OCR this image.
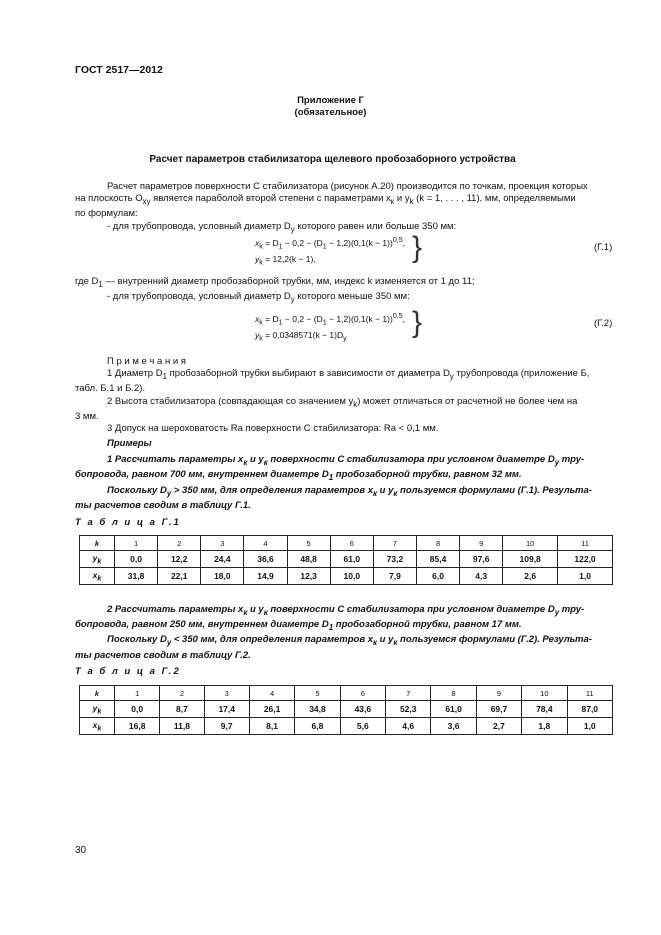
ГОСТ 2517—2012
Приложение Г
(обязательное)
Расчет параметров стабилизатора щелевого пробозаборного устройства

Расчет параметров поверхности С стабилизатора (рисунок А.20) производится по точкам, проекция которых

на плоскость $O_{xy}$ является параболой второй степени с параметрами $x_к$ и $y_k$ (k = 1, . . . , 11), мм, определяемыми

по формулам:

- для трубопровода, условный диаметр $D_y$ которого равен или больше 350 мм:

$x_k = D_1 - 0,2 - (D_1 - 1,2)(0,1(k - 1))^{0,5}$,
$y_k = 12,2(k - 1)$,	}	(Г.1)

где $D_1$ — внутренний диаметр пробозаборной трубки, мм, индекс k изменяется от 1 до 11;

- для трубопровода, условный диаметр $D_y$ которого меньше 350 мм:

$x_k = D_1 - 0,2 - (D_1 - 1,2)(0,1(k - 1))^{0,5}$,
$y_k = 0,0348571(k - 1)D_y$	}	(Г.2)

П р и м е ч а н и я

1 Диаметр $D_1$ пробозаборной трубки выбирают в зависимости от диаметра $D_y$ трубопровода (приложение Б,

табл. Б.1 и Б.2).

2 Высота стабилизатора (совпадающая со значением $y_k$) может отличаться от расчетной не более чем на

3 мм.

3 Допуск на шероховатость Ra поверхности С стабилизатора: Ra < 0,1 мм.

Примеры

1 Рассчитать параметры $x_к$ и $y_к$ поверхности С стабилизатора при условном диаметре $D_y$ тру-

бопровода, равном 700 мм, внутреннем диаметре $D_1$ пробозаборной трубки, равном 32 мм.

Поскольку $D_y > 350$ мм, для определения параметров $x_к$ и $y_к$ пользуемся формулами (Г.1). Результа-

ты расчетов сводим в таблицу Г.1.

Т а б л и ц а Г.1
k	1	2	3	4	5	6	7	8	9	10	11
$y_k$	0,0	12,2	24,4	36,6	48,8	61,0	73,2	85,4	97,6	109,8	122,0
$x_k$	31,8	22,1	18,0	14,9	12,3	10,0	7,9	6,0	4,3	2,6	1,0

2 Рассчитать параметры $x_к$ и $y_к$ поверхности С стабилизатора при условном диаметре $D_y$ тру-

бопровода, равном 250 мм, внутреннем диаметре $D_1$ пробозаборной трубки, равном 17 мм.

Поскольку $D_y < 350$ мм, для определения параметров $x_к$ и $y_к$ пользуемся формулами (Г.2). Результа-

ты расчетов сводим в таблицу Г.2.

Т а б л и ц а Г.2
k	1	2	3	4	5	6	7	8	9	10	11
$y_k$	0,0	8,7	17,4	26,1	34,8	43,6	52,3	61,0	69,7	78,4	87,0
$x_k$	16,8	11,8	9,7	8,1	6,8	5,6	4,6	3,6	2,7	1,8	1,0
30
